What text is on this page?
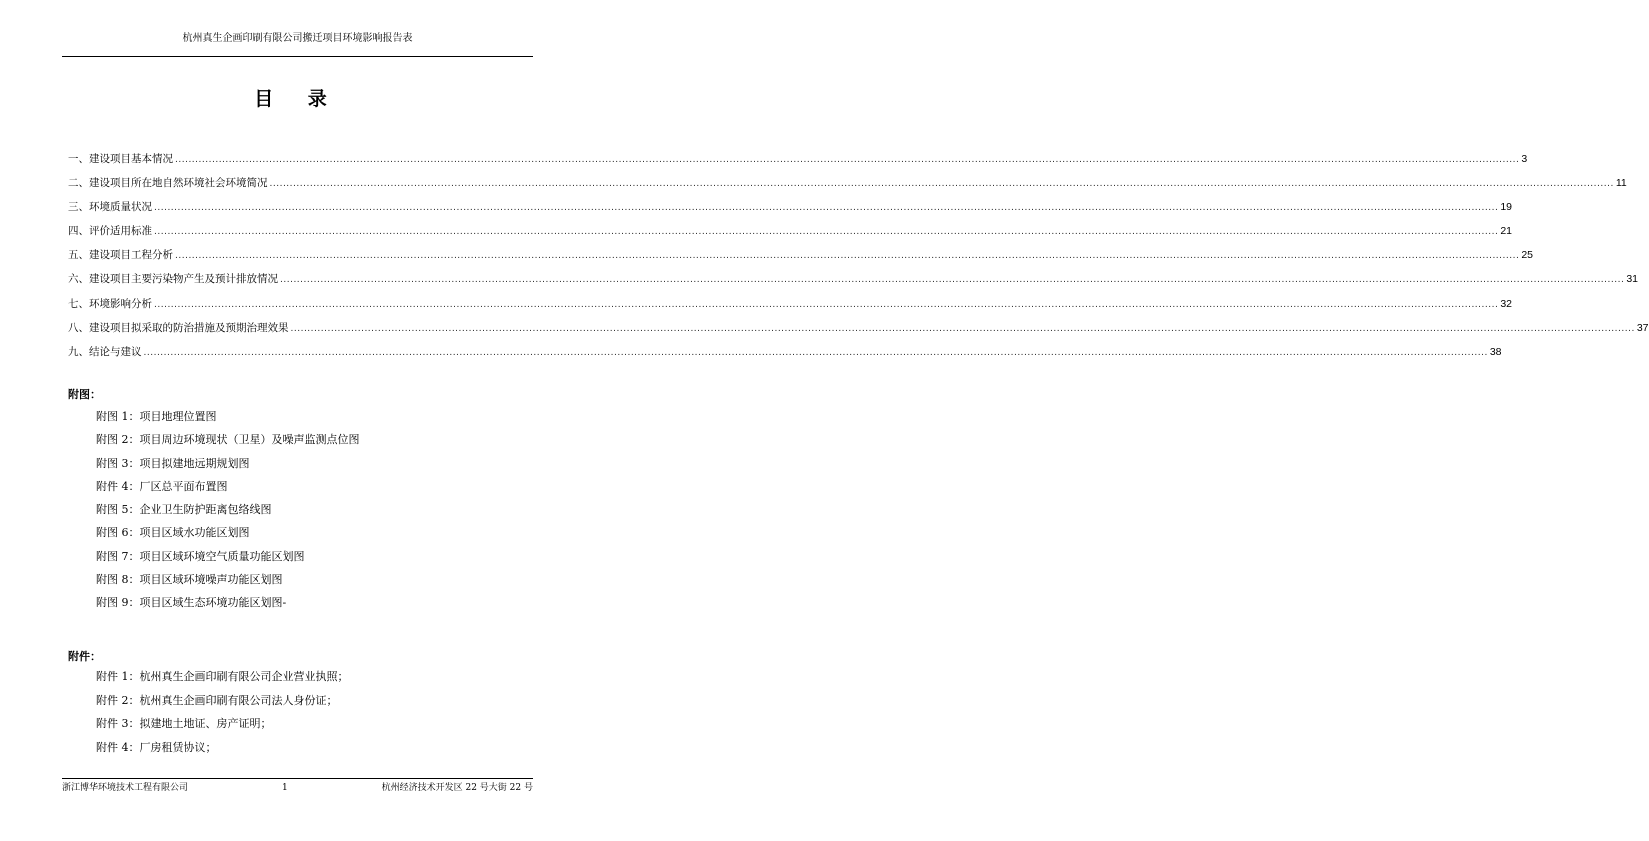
杭州真生企画印刷有限公司搬迁项目环境影响报告表
目 录
一、建设项目基本情况 ................................................................................................................................................................................................................................................................................................................................................................................................................ 3
二、建设项目所在地自然环境社会环境简况 ................................................................................................................................................................................................................................................................................................................................................................................................................ 11
三、环境质量状况 ................................................................................................................................................................................................................................................................................................................................................................................................................ 19
四、评价适用标准 ................................................................................................................................................................................................................................................................................................................................................................................................................ 21
五、建设项目工程分析 ................................................................................................................................................................................................................................................................................................................................................................................................................ 25
六、建设项目主要污染物产生及预计排放情况 ................................................................................................................................................................................................................................................................................................................................................................................................................ 31
七、环境影响分析 ................................................................................................................................................................................................................................................................................................................................................................................................................ 32
八、建设项目拟采取的防治措施及预期治理效果 ................................................................................................................................................................................................................................................................................................................................................................................................................ 37
九、结论与建议 ................................................................................................................................................................................................................................................................................................................................................................................................................ 38
附图：
附图 1：项目地理位置图
附图 2：项目周边环境现状（卫星）及噪声监测点位图
附图 3：项目拟建地远期规划图
附件 4：厂区总平面布置图
附图 5：企业卫生防护距离包络线图
附图 6：项目区域水功能区划图
附图 7：项目区域环境空气质量功能区划图
附图 8：项目区域环境噪声功能区划图
附图 9：项目区域生态环境功能区划图-
附件：
附件 1：杭州真生企画印刷有限公司企业营业执照；
附件 2：杭州真生企画印刷有限公司法人身份证；
附件 3：拟建地土地证、房产证明；
附件 4：厂房租赁协议；
浙江博华环境技术工程有限公司	1	杭州经济技术开发区 22 号大街 22 号
